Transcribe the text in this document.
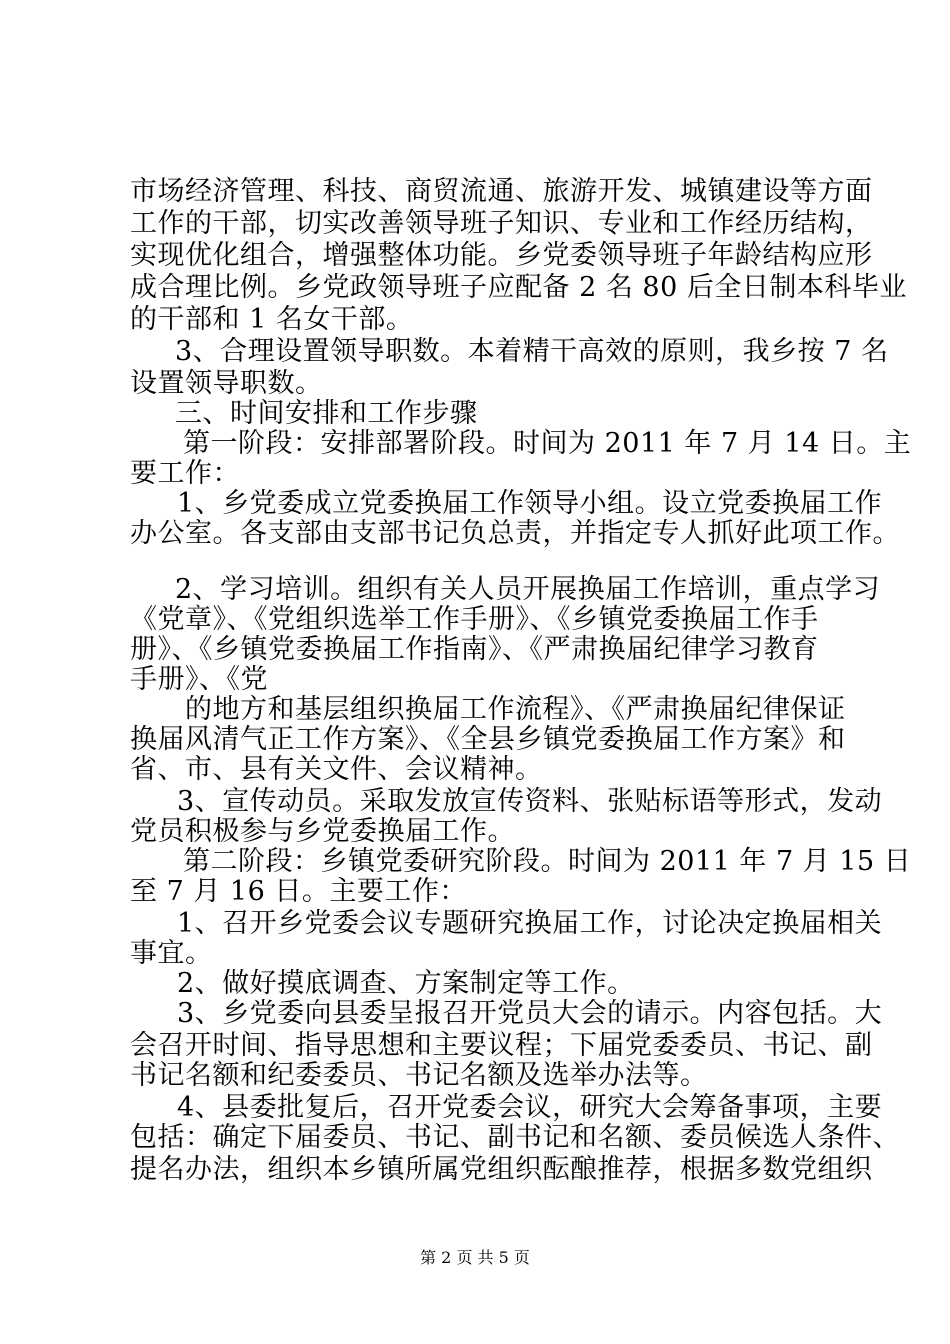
市场经济管理、科技、商贸流通、旅游开发、城镇建设等方面
工作的干部，切实改善领导班子知识、专业和工作经历结构，
实现优化组合，增强整体功能。乡党委领导班子年龄结构应形
成合理比例。乡党政领导班子应配备 2 名 80 后全日制本科毕业
的干部和 1 名女干部。
3、合理设置领导职数。本着精干高效的原则，我乡按 7 名
设置领导职数。
三、时间安排和工作步骤
第一阶段：安排部署阶段。时间为 2011 年 7 月 14 日。主
要工作：
1、乡党委成立党委换届工作领导小组。设立党委换届工作
办公室。各支部由支部书记负总责，并指定专人抓好此项工作。
2、学习培训。组织有关人员开展换届工作培训，重点学习
《党章》、《党组织选举工作手册》、《乡镇党委换届工作手
册》、《乡镇党委换届工作指南》、《严肃换届纪律学习教育
手册》、《党
的地方和基层组织换届工作流程》、《严肃换届纪律保证
换届风清气正工作方案》、《全县乡镇党委换届工作方案》和
省、市、县有关文件、会议精神。
3、宣传动员。采取发放宣传资料、张贴标语等形式，发动
党员积极参与乡党委换届工作。
第二阶段：乡镇党委研究阶段。时间为 2011 年 7 月 15 日
至 7 月 16 日。主要工作：
1、召开乡党委会议专题研究换届工作，讨论决定换届相关
事宜。
2、做好摸底调查、方案制定等工作。
3、乡党委向县委呈报召开党员大会的请示。内容包括。大
会召开时间、指导思想和主要议程；下届党委委员、书记、副
书记名额和纪委委员、书记名额及选举办法等。
4、县委批复后，召开党委会议，研究大会筹备事项，主要
包括：确定下届委员、书记、副书记和名额、委员候选人条件、
提名办法，组织本乡镇所属党组织酝酿推荐，根据多数党组织
第 2 页 共 5 页
